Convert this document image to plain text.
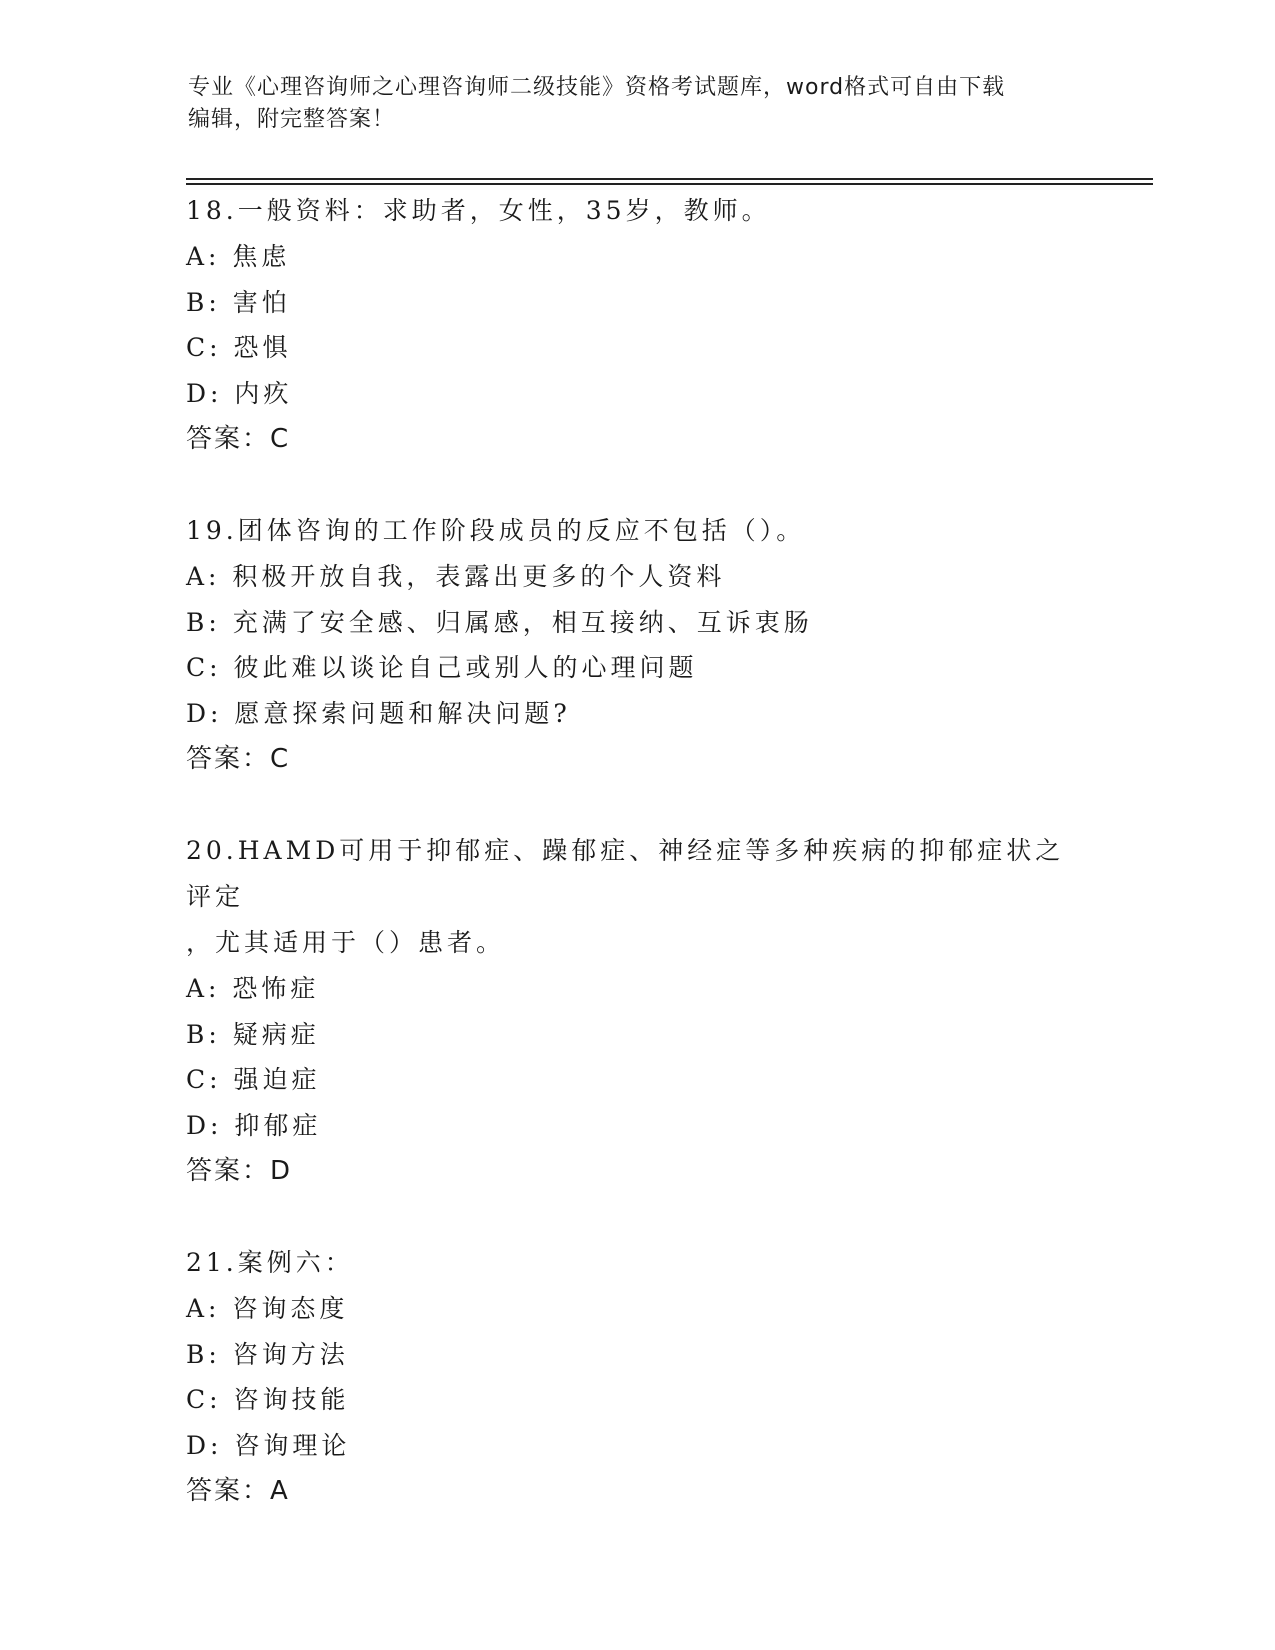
专业《心理咨询师之心理咨询师二级技能》资格考试题库，word格式可自由下载
编辑，附完整答案！
18.一般资料：求助者，女性，35岁，教师。
A: 焦虑
B: 害怕
C: 恐惧
D: 内疚
答案：C
19.团体咨询的工作阶段成员的反应不包括（）。
A: 积极开放自我，表露出更多的个人资料
B: 充满了安全感、归属感，相互接纳、互诉衷肠
C: 彼此难以谈论自己或别人的心理问题
D: 愿意探索问题和解决问题?
答案：C
20.HAMD可用于抑郁症、躁郁症、神经症等多种疾病的抑郁症状之评定
，尤其适用于（）患者。
A: 恐怖症
B: 疑病症
C: 强迫症
D: 抑郁症
答案：D
21.案例六：
A: 咨询态度
B: 咨询方法
C: 咨询技能
D: 咨询理论
答案：A
